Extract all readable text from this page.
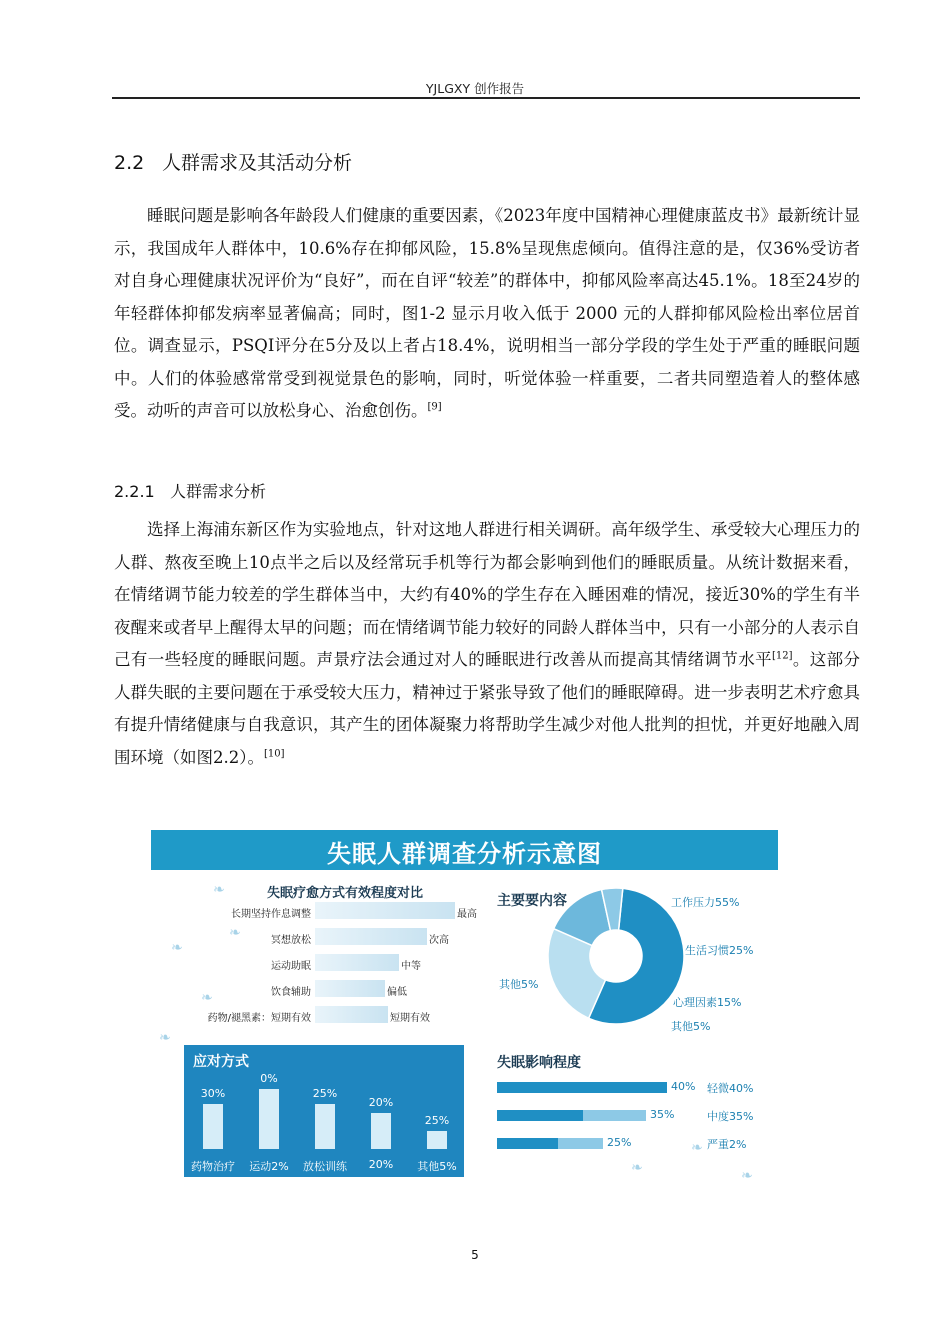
YJLGXY 创作报告
2.2 人群需求及其活动分析

睡眠问题是影响各年龄段人们健康的重要因素，《2023年度中国精神心理健康蓝皮书》最新统计显示，我国成年人群体中，10.6%存在抑郁风险，15.8%呈现焦虑倾向。值得注意的是，仅36%受访者对自身心理健康状况评价为“良好”，而在自评“较差”的群体中，抑郁风险率高达45.1%。18至24岁的年轻群体抑郁发病率显著偏高；同时，图1-2 显示月收入低于 2000 元的人群抑郁风险检出率位居首位。调查显示，PSQI评分在5分及以上者占18.4%，说明相当一部分学段的学生处于严重的睡眠问题中。人们的体验感常常受到视觉景色的影响，同时，听觉体验一样重要，二者共同塑造着人的整体感受。动听的声音可以放松身心、治愈创伤。[9]

2.2.1 人群需求分析

选择上海浦东新区作为实验地点，针对这地人群进行相关调研。高年级学生、承受较大心理压力的人群、熬夜至晚上10点半之后以及经常玩手机等行为都会影响到他们的睡眠质量。从统计数据来看，在情绪调节能力较差的学生群体当中，大约有40%的学生存在入睡困难的情况，接近30%的学生有半夜醒来或者早上醒得太早的问题；而在情绪调节能力较好的同龄人群体当中，只有一小部分的人表示自己有一些轻度的睡眠问题。声景疗法会通过对人的睡眠进行改善从而提高其情绪调节水平[12]。这部分人群失眠的主要问题在于承受较大压力，精神过于紧张导致了他们的睡眠障碍。进一步表明艺术疗愈具有提升情绪健康与自我意识，其产生的团体凝聚力将帮助学生减少对他人批判的担忧，并更好地融入周围环境（如图2.2）。[10]

失眠人群调查分析示意图
❧
❧
❧
❧
❧
❧
❧
❧
失眠疗愈方式有效程度对比
长期坚持作息调整	最高
冥想放松	次高
运动助眠	中等
饮食辅助	偏低
药物/褪黑素：短期有效	短期有效
主要要内容	工作压力55%
生活习惯25%
心理因素15%
其他5%
其他5%
应对方式
30%
药物治疗
0%
运动2%
25%
放松训练
20%
20%
25%
其他5%
失眠影响程度
40% 轻微40%
35%	中度35%
25%	严重2%
5
